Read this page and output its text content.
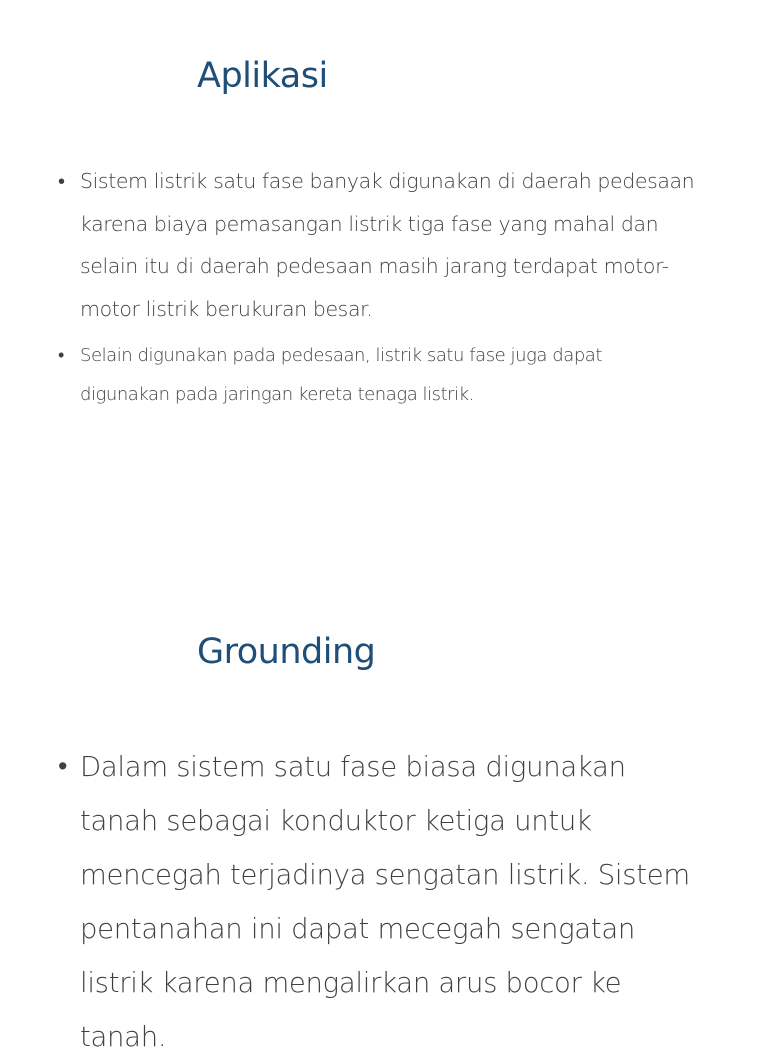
Aplikasi
• Sistem listrik satu fase banyak digunakan di daerah pedesaan karena biaya pemasangan listrik tiga fase yang mahal dan selain itu di daerah pedesaan masih jarang terdapat motor-motor listrik berukuran besar.
• Selain digunakan pada pedesaan, listrik satu fase juga dapat digunakan pada jaringan kereta tenaga listrik.
Grounding
• Dalam sistem satu fase biasa digunakan tanah sebagai konduktor ketiga untuk mencegah terjadinya sengatan listrik. Sistem pentanahan ini dapat mecegah sengatan listrik karena mengalirkan arus bocor ke tanah.
